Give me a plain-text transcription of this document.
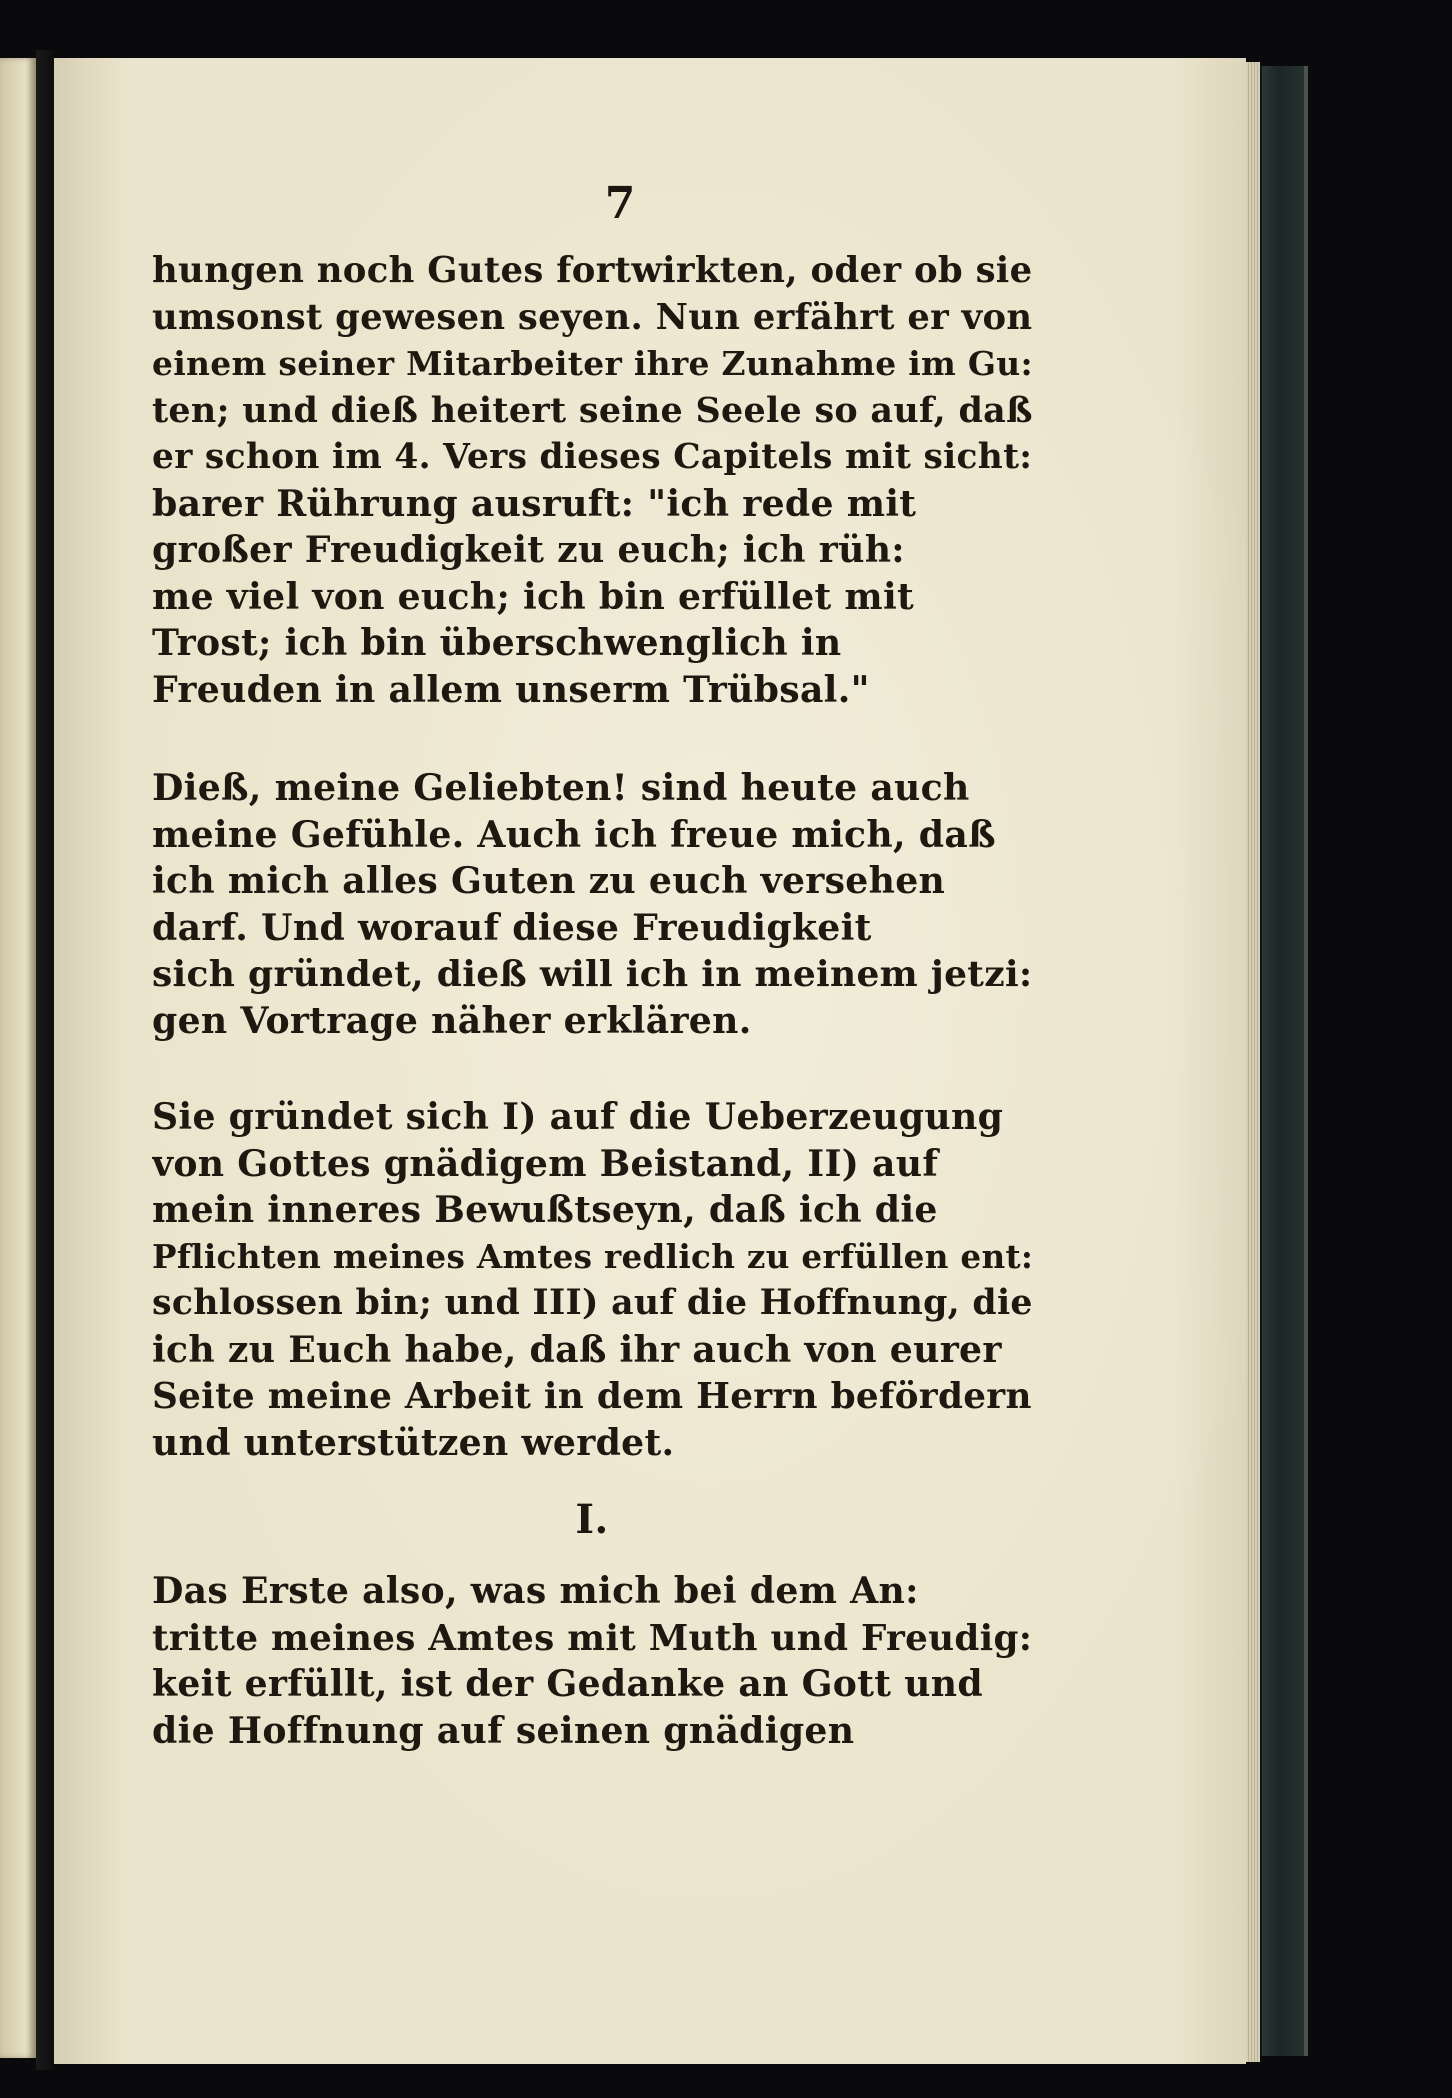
7
hungen noch Gutes fortwirkten, oder ob sie
umsonst gewesen seyen. Nun erfährt er von
einem seiner Mitarbeiter ihre Zunahme im Gu:
ten; und dieß heitert seine Seele so auf, daß
er schon im 4. Vers dieses Capitels mit sicht:
barer Rührung ausruft: "ich rede mit
großer Freudigkeit zu euch; ich rüh:
me viel von euch; ich bin erfüllet mit
Trost; ich bin überschwenglich in
Freuden in allem unserm Trübsal."
Dieß, meine Geliebten! sind heute auch
meine Gefühle. Auch ich freue mich, daß
ich mich alles Guten zu euch versehen
darf. Und worauf diese Freudigkeit
sich gründet, dieß will ich in meinem jetzi:
gen Vortrage näher erklären.
Sie gründet sich I) auf die Ueberzeugung
von Gottes gnädigem Beistand, II) auf
mein inneres Bewußtseyn, daß ich die
Pflichten meines Amtes redlich zu erfüllen ent:
schlossen bin; und III) auf die Hoffnung, die
ich zu Euch habe, daß ihr auch von eurer
Seite meine Arbeit in dem Herrn befördern
und unterstützen werdet.
I.
Das Erste also, was mich bei dem An:
tritte meines Amtes mit Muth und Freudig:
keit erfüllt, ist der Gedanke an Gott und
die Hoffnung auf seinen gnädigen
